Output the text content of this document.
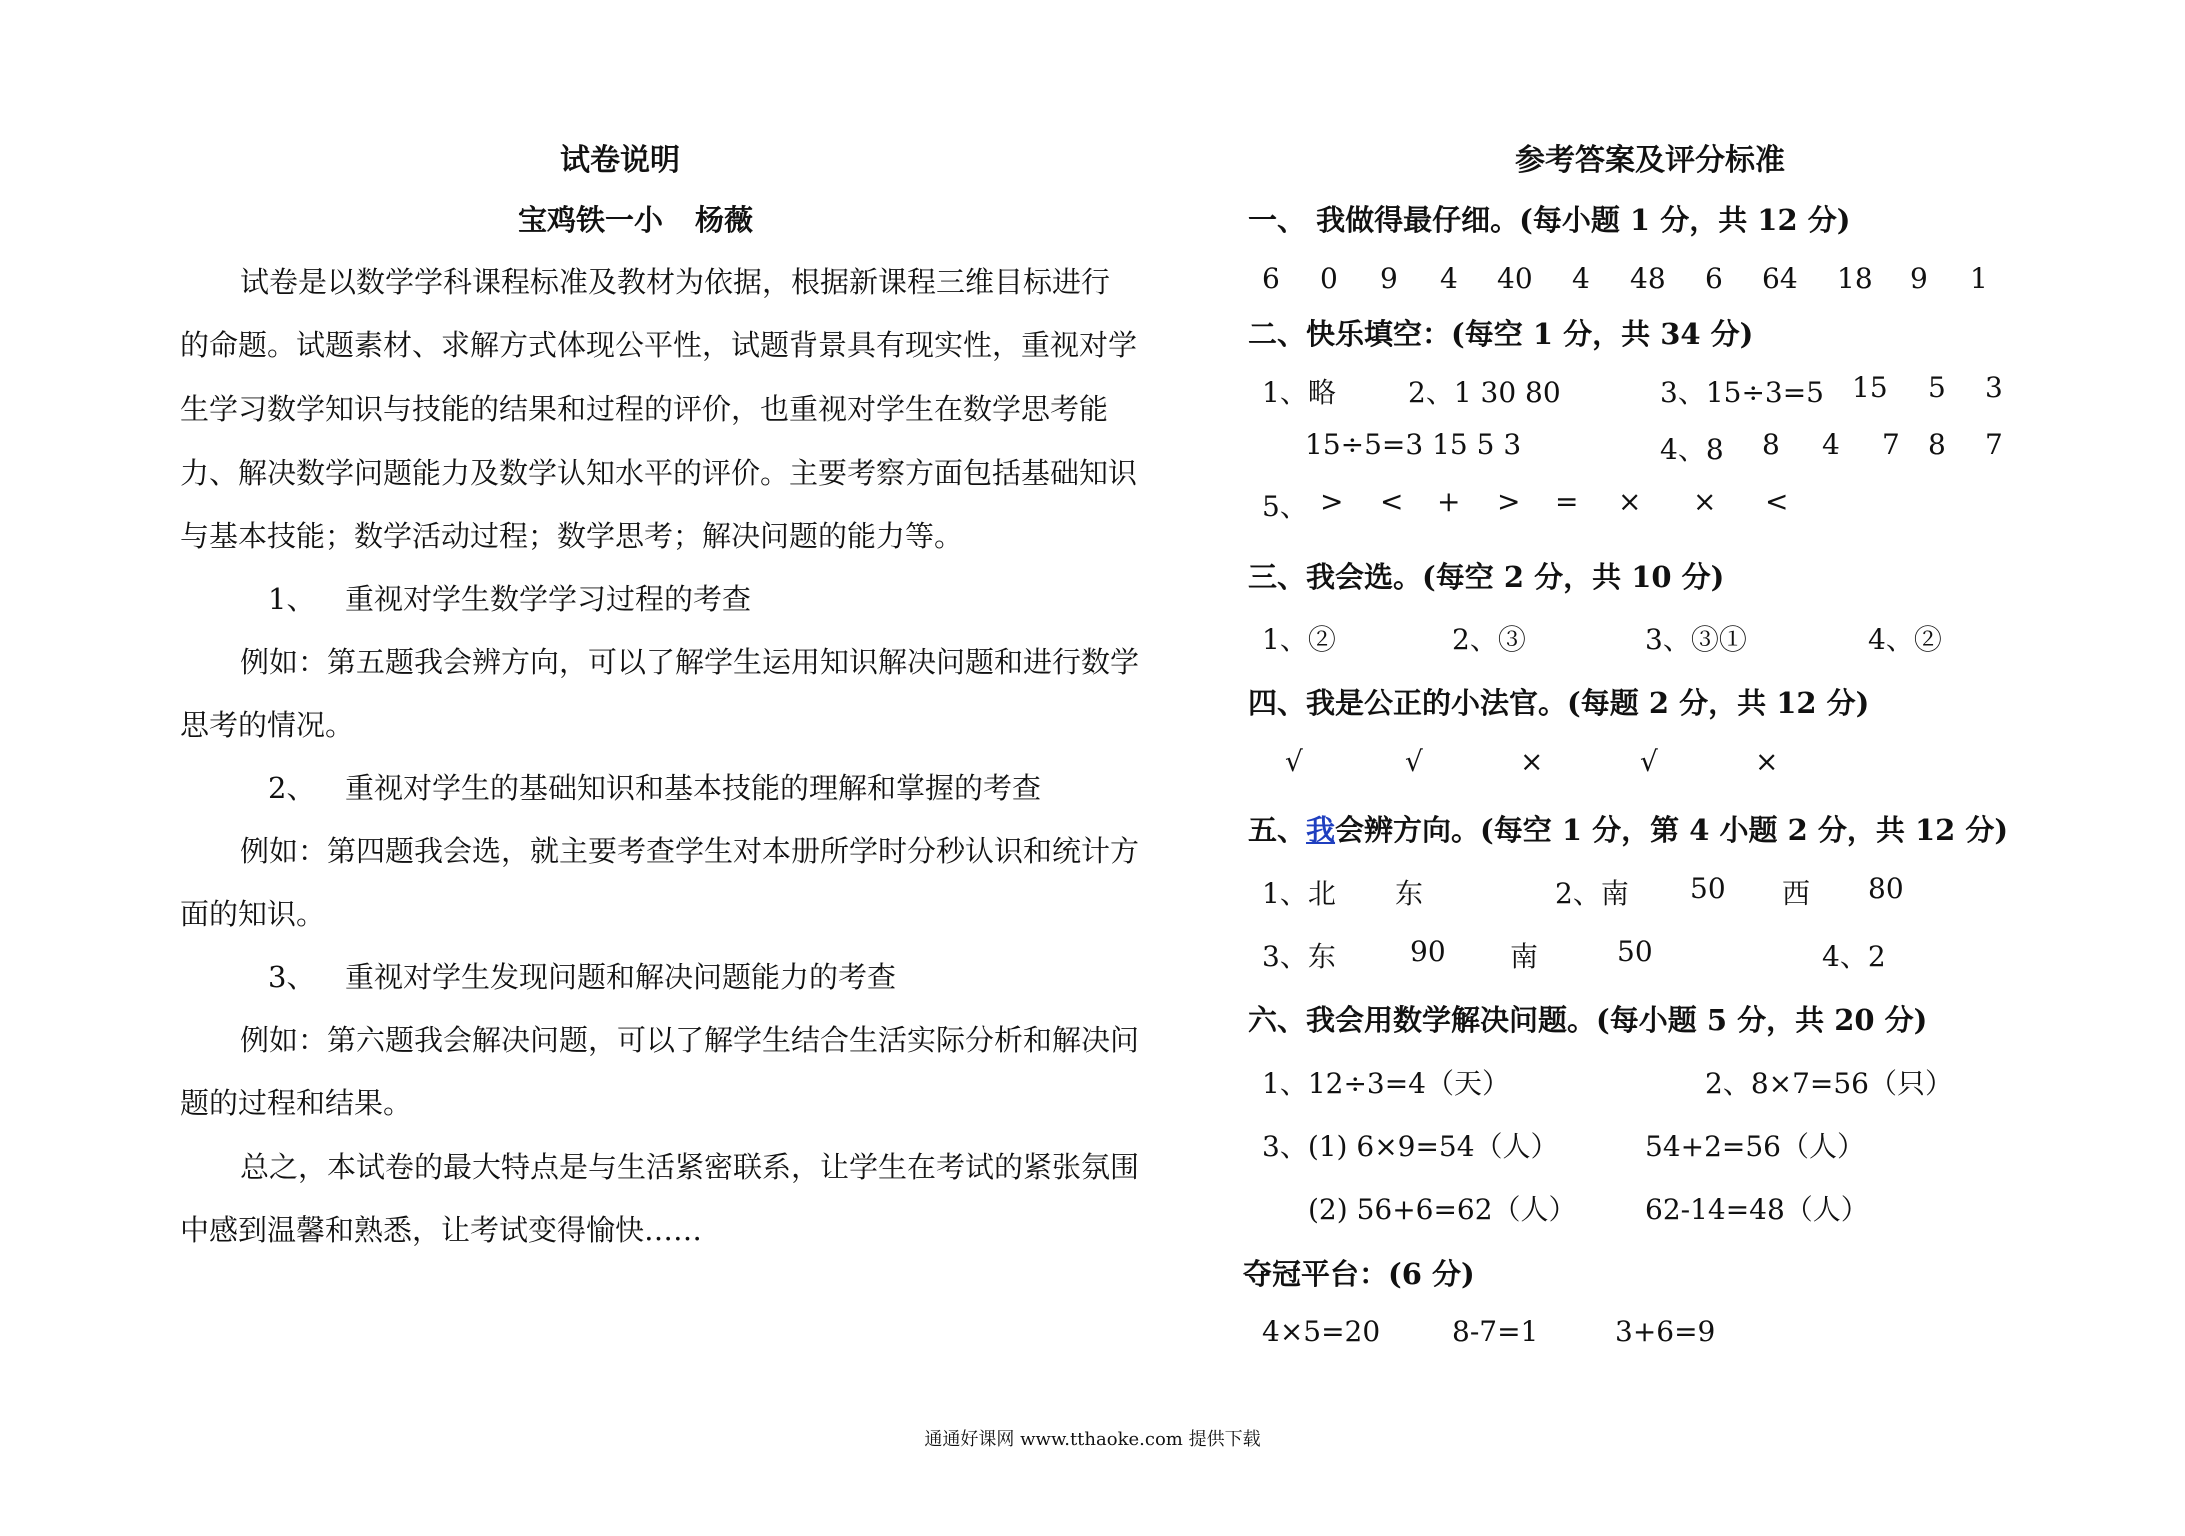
试卷说明
宝鸡铁一小 杨薇
试卷是以数学学科课程标准及教材为依据，根据新课程三维目标进行
的命题。试题素材、求解方式体现公平性，试题背景具有现实性，重视对学
生学习数学知识与技能的结果和过程的评价，也重视对学生在数学思考能
力、解决数学问题能力及数学认知水平的评价。主要考察方面包括基础知识
与基本技能；数学活动过程；数学思考；解决问题的能力等。
1、 重视对学生数学学习过程的考查
例如：第五题我会辨方向，可以了解学生运用知识解决问题和进行数学
思考的情况。
2、 重视对学生的基础知识和基本技能的理解和掌握的考查
例如：第四题我会选，就主要考查学生对本册所学时分秒认识和统计方
面的知识。
3、 重视对学生发现问题和解决问题能力的考查
例如：第六题我会解决问题，可以了解学生结合生活实际分析和解决问
题的过程和结果。
总之，本试卷的最大特点是与生活紧密联系，让学生在考试的紧张氛围
中感到温馨和熟悉，让考试变得愉快……
参考答案及评分标准
一、 我做得最仔细。(每小题 1 分，共 12 分)
6 0 9 4 40 4 48 6 64 18 9 1
二、快乐填空：(每空 1 分，共 34 分)
1、略	2、1 30 80	3、15÷3=5 15 5 3
15÷5=3 15 5 3	4、8 8 4 7 8 7
5、 > < + > = × × <
三、我会选。(每空 2 分，共 10 分)
1、②	2、③	3、③①	4、②
四、我是公正的小法官。(每题 2 分，共 12 分)
√	√	×	√	×
五、我会辨方向。(每空 1 分，第 4 小题 2 分，共 12 分)
1、北 东	2、南 50 西 80
3、东	90 南	50	4、2
六、我会用数学解决问题。(每小题 5 分，共 20 分)
1、12÷3=4（天）	2、8×7=56（只）
3、(1) 6×9=54（人）	54+2=56（人）
(2) 56+6=62（人） 62-14=48（人）
夺冠平台：(6 分)
4×5=20	8-7=1	3+6=9
通通好课网 www.tthaoke.com 提供下载
